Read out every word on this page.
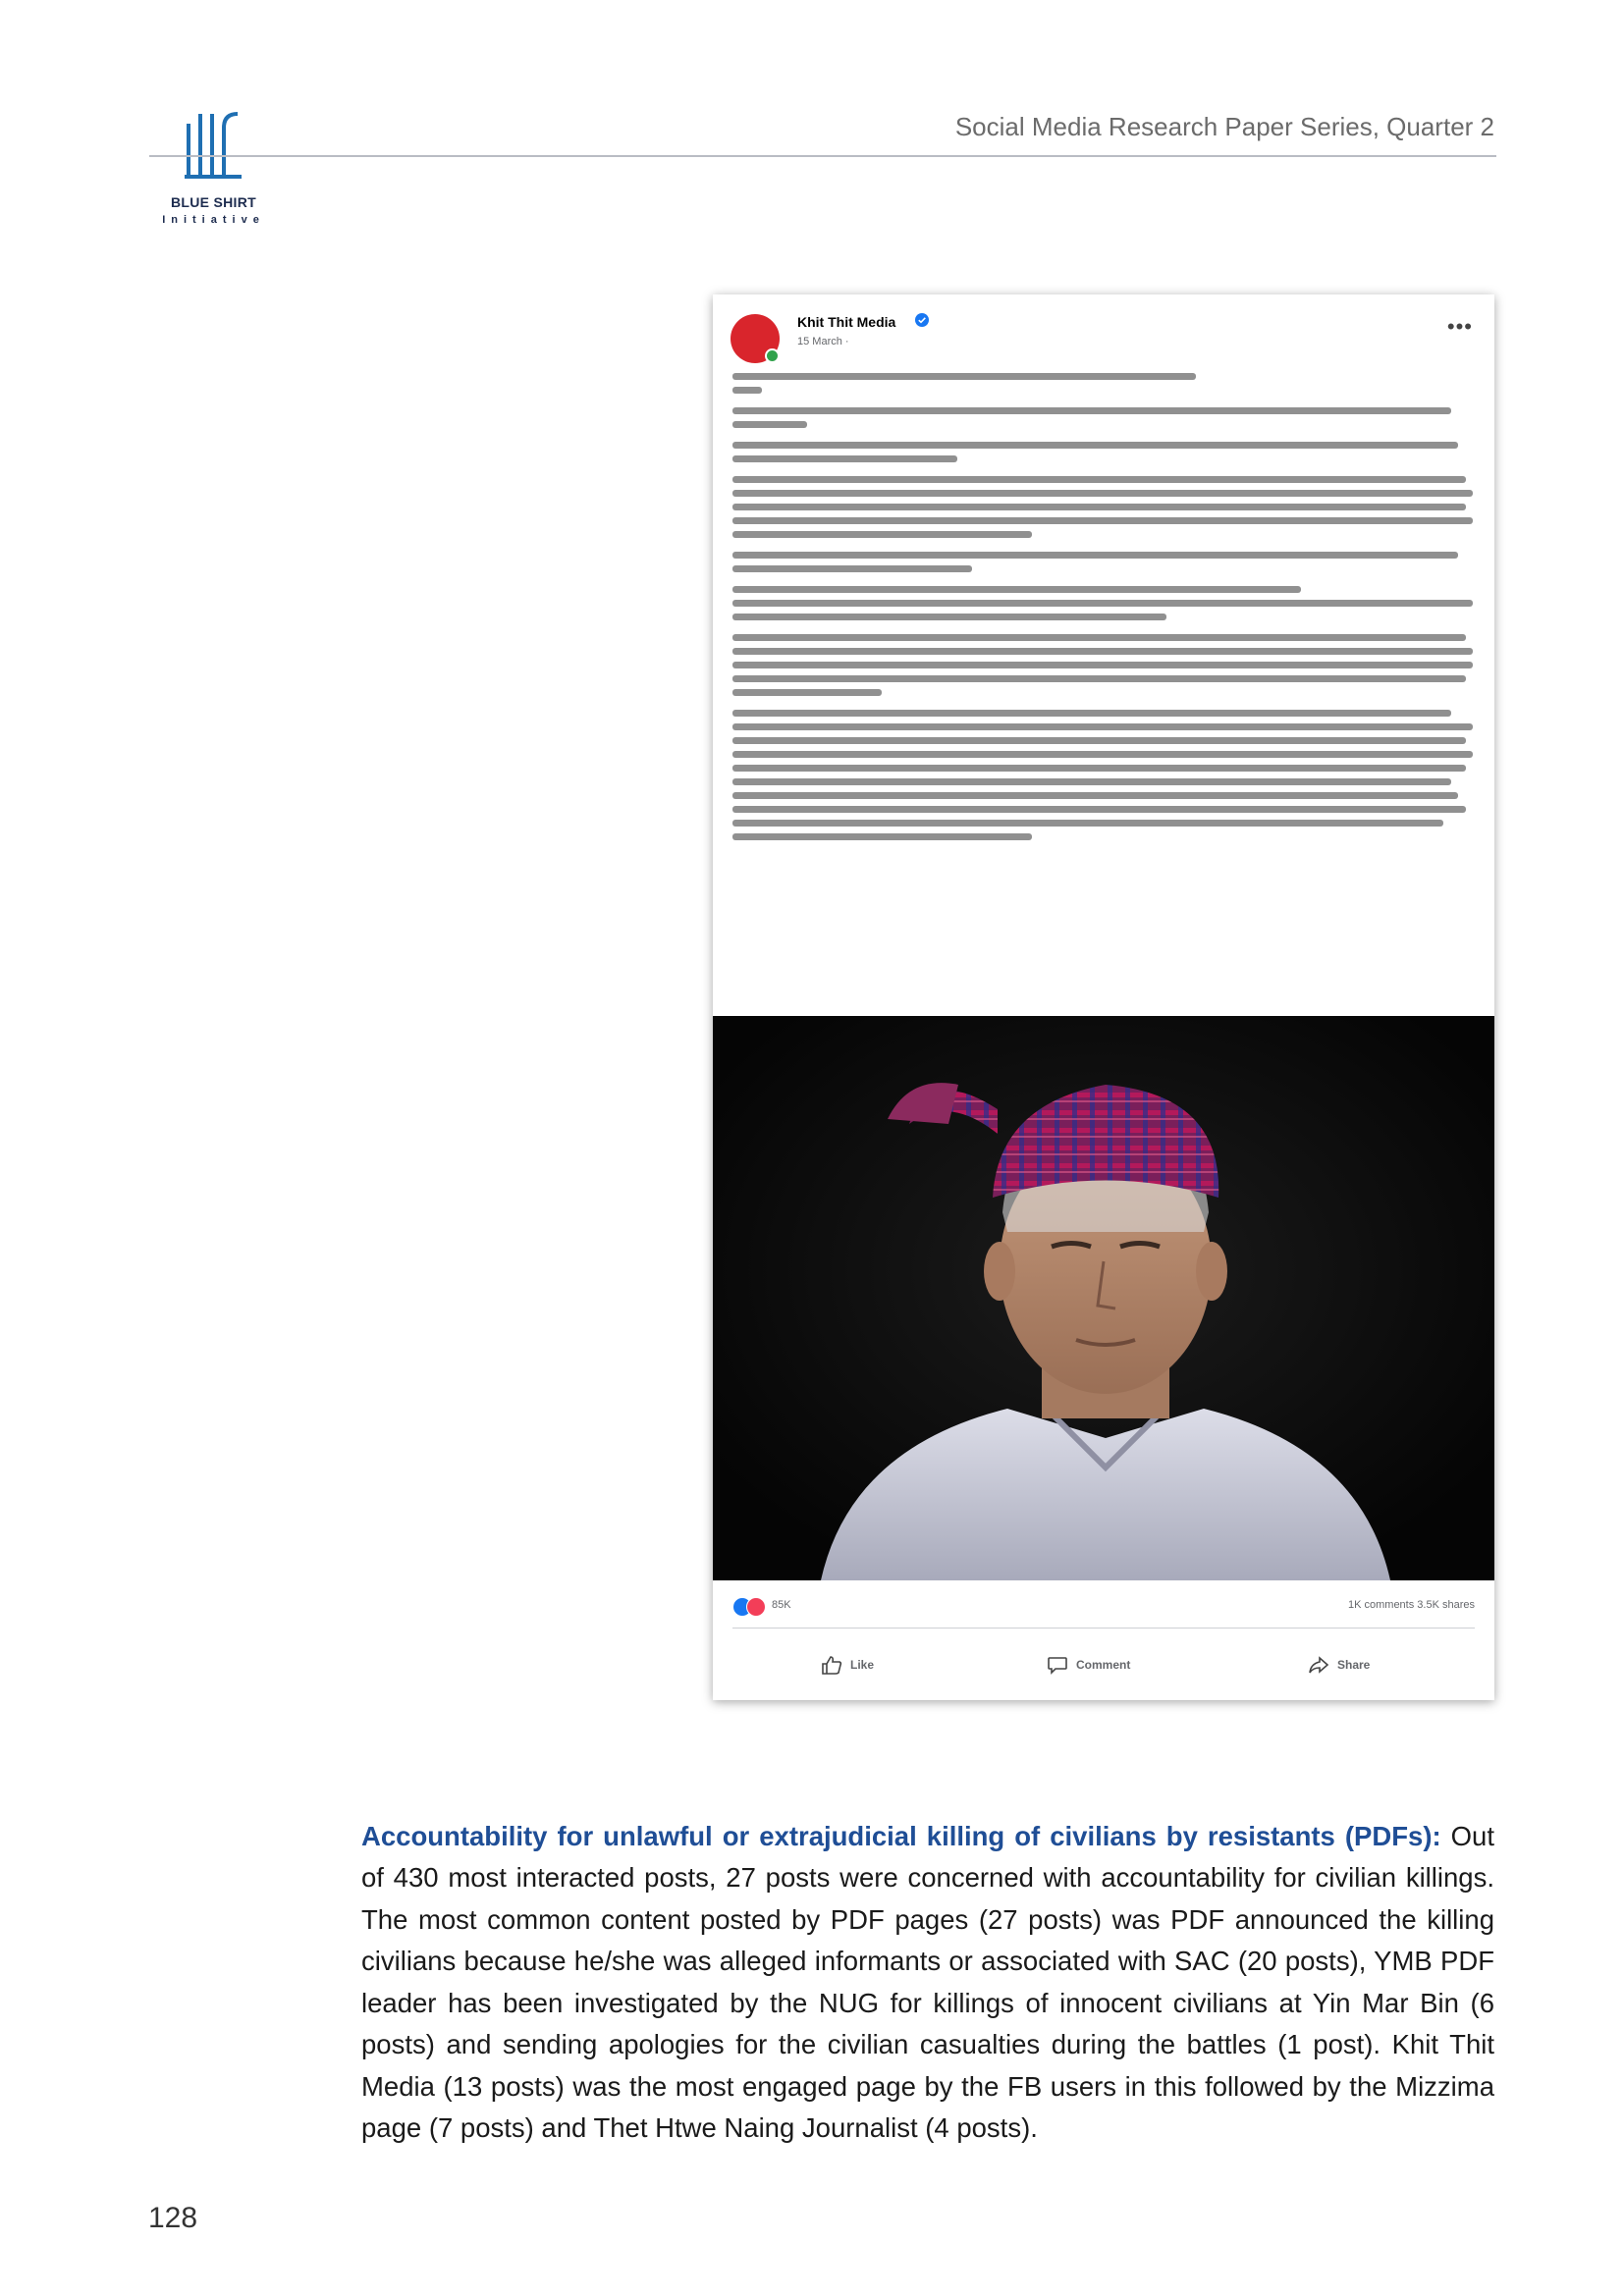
BLUE SHIRT
Initiative
Social Media Research Paper Series, Quarter 2
Khit Thit Media
15 March ·
•••
85K	1K comments 3.5K shares
Like	Comment	Share

Accountability for unlawful or extrajudicial killing of civilians by resistants (PDFs): Out of 430 most interacted posts, 27 posts were concerned with accountability for civilian killings. The most common content posted by PDF pages (27 posts) was PDF announced the killing civilians because he/she was alleged informants or associated with SAC (20 posts), YMB PDF leader has been investigated by the NUG for killings of innocent civilians at Yin Mar Bin (6 posts) and sending apologies for the civilian casualties during the battles (1 post). Khit Thit Media (13 posts) was the most engaged page by the FB users in this followed by the Mizzima page (7 posts) and Thet Htwe Naing Journalist (4 posts).

128
